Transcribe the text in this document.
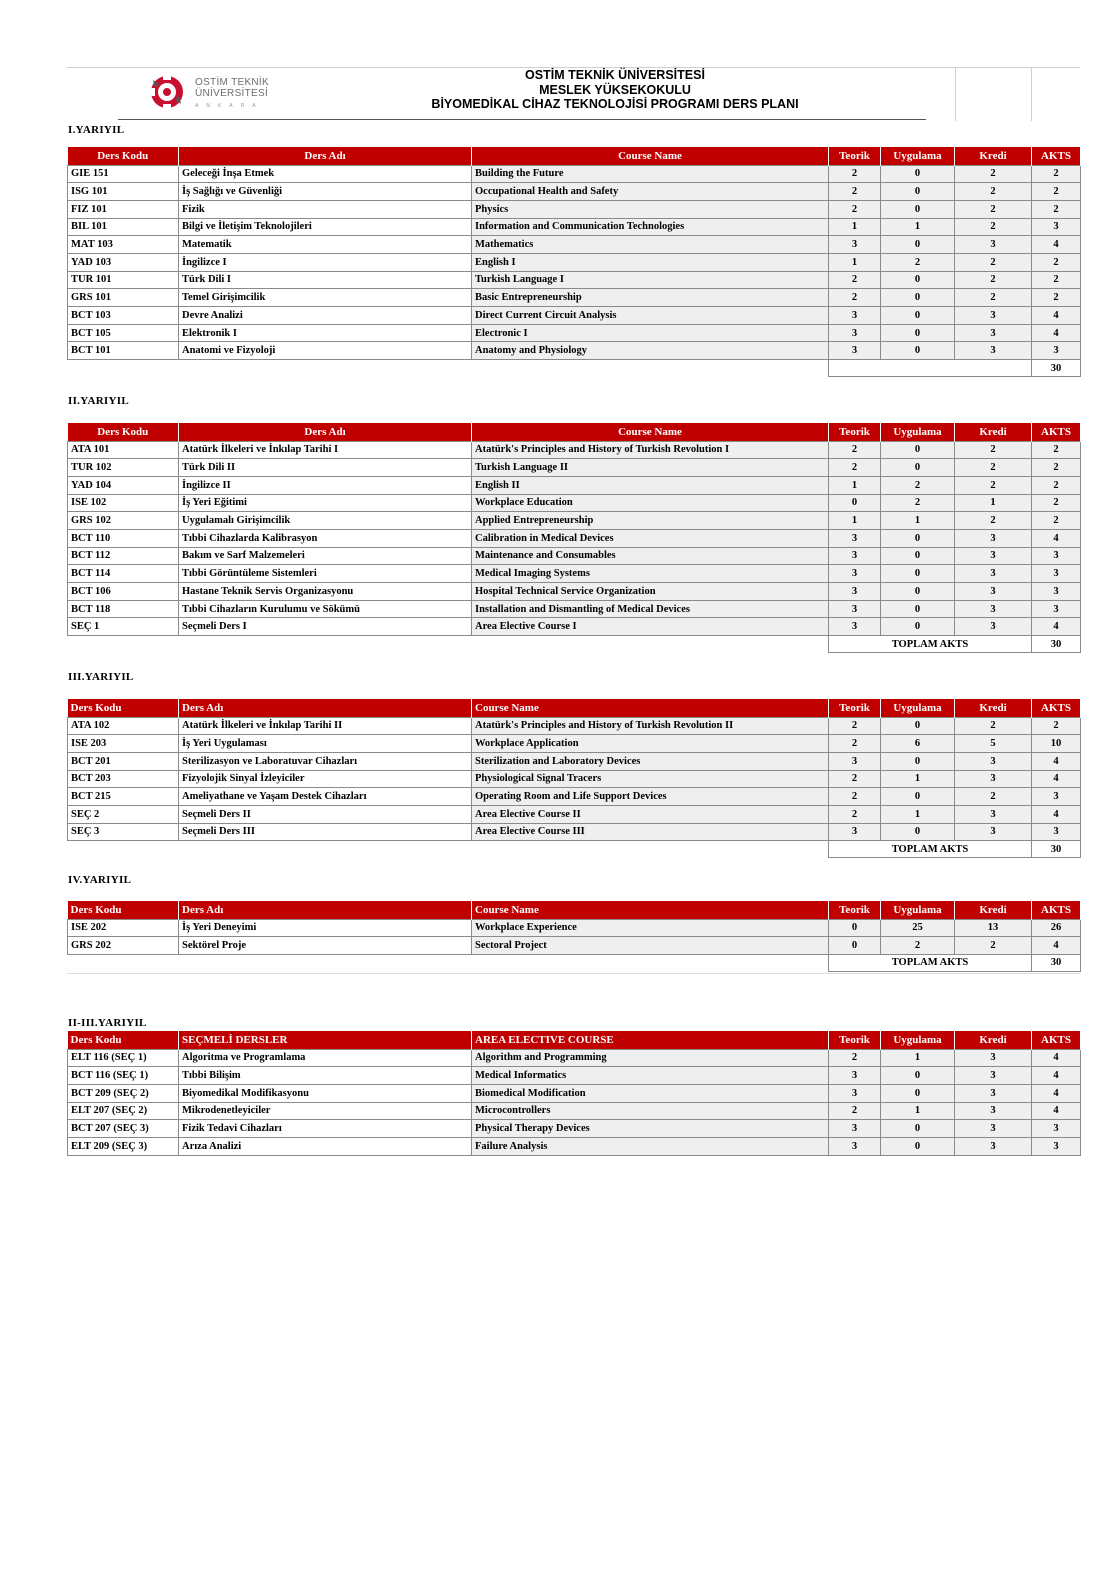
OSTİM TEKNİK
ÜNİVERSİTESİ
ANKARA
OSTİM TEKNİK ÜNİVERSİTESİ
MESLEK YÜKSEKOKULU
BİYOMEDİKAL CİHAZ TEKNOLOJİSİ PROGRAMI DERS PLANI
I.YARIYIL
Ders Kodu	Ders Adı	Course Name	Teorik	Uygulama	Kredi	AKTS
GIE 151	Geleceği İnşa Etmek	Building the Future	2	0	2	2
ISG 101	İş Sağlığı ve Güvenliği	Occupational Health and Safety	2	0	2	2
FIZ 101	Fizik	Physics	2	0	2	2
BIL 101	Bilgi ve İletişim Teknolojileri	Information and Communication Technologies	1	1	2	3
MAT 103	Matematik	Mathematics	3	0	3	4
YAD 103	İngilizce I	English I	1	2	2	2
TUR 101	Türk Dili I	Turkish Language I	2	0	2	2
GRS 101	Temel Girişimcilik	Basic Entrepreneurship	2	0	2	2
BCT 103	Devre Analizi	Direct Current Circuit Analysis	3	0	3	4
BCT 105	Elektronik I	Electronic I	3	0	3	4
BCT 101	Anatomi ve Fizyoloji	Anatomy and Physiology	3	0	3	3
						30
II.YARIYIL
Ders Kodu	Ders Adı	Course Name	Teorik	Uygulama	Kredi	AKTS
ATA 101	Atatürk İlkeleri ve İnkılap Tarihi I	Atatürk's Principles and History of Turkish Revolution I	2	0	2	2
TUR 102	Türk Dili II	Turkish Language II	2	0	2	2
YAD 104	İngilizce II	English II	1	2	2	2
ISE 102	İş Yeri Eğitimi	Workplace Education	0	2	1	2
GRS 102	Uygulamalı Girişimcilik	Applied Entrepreneurship	1	1	2	2
BCT 110	Tıbbi Cihazlarda Kalibrasyon	Calibration in Medical Devices	3	0	3	4
BCT 112	Bakım ve Sarf Malzemeleri	Maintenance and Consumables	3	0	3	3
BCT 114	Tıbbi Görüntüleme Sistemleri	Medical Imaging Systems	3	0	3	3
BCT 106	Hastane Teknik Servis Organizasyonu	Hospital Technical Service Organization	3	0	3	3
BCT 118	Tıbbi Cihazların Kurulumu ve Sökümü	Installation and Dismantling of Medical Devices	3	0	3	3
SEÇ 1	Seçmeli Ders I	Area Elective Course I	3	0	3	4
			TOPLAM AKTS			30
III.YARIYIL
Ders Kodu	Ders Adı	Course Name	Teorik	Uygulama	Kredi	AKTS
ATA 102	Atatürk İlkeleri ve İnkılap Tarihi II	Atatürk's Principles and History of Turkish Revolution II	2	0	2	2
ISE 203	İş Yeri Uygulaması	Workplace Application	2	6	5	10
BCT 201	Sterilizasyon ve Laboratuvar Cihazları	Sterilization and Laboratory Devices	3	0	3	4
BCT 203	Fizyolojik Sinyal İzleyiciler	Physiological Signal Tracers	2	1	3	4
BCT 215	Ameliyathane ve Yaşam Destek Cihazları	Operating Room and Life Support Devices	2	0	2	3
SEÇ 2	Seçmeli Ders II	Area Elective Course II	2	1	3	4
SEÇ 3	Seçmeli Ders III	Area Elective Course III	3	0	3	3
			TOPLAM AKTS			30
IV.YARIYIL
Ders Kodu	Ders Adı	Course Name	Teorik	Uygulama	Kredi	AKTS
ISE 202	İş Yeri Deneyimi	Workplace Experience	0	25	13	26
GRS 202	Sektörel Proje	Sectoral Project	0	2	2	4
			TOPLAM AKTS			30
II-III.YARIYIL
Ders Kodu	SEÇMELİ DERSLER	AREA ELECTIVE COURSE	Teorik	Uygulama	Kredi	AKTS
ELT 116 (SEÇ 1)	Algoritma ve Programlama	Algorithm and Programming	2	1	3	4
BCT 116 (SEÇ 1)	Tıbbi Bilişim	Medical Informatics	3	0	3	4
BCT 209 (SEÇ 2)	Biyomedikal Modifikasyonu	Biomedical Modification	3	0	3	4
ELT 207 (SEÇ 2)	Mikrodenetleyiciler	Microcontrollers	2	1	3	4
BCT 207 (SEÇ 3)	Fizik Tedavi Cihazları	Physical Therapy Devices	3	0	3	3
ELT 209 (SEÇ 3)	Arıza Analizi	Failure Analysis	3	0	3	3
